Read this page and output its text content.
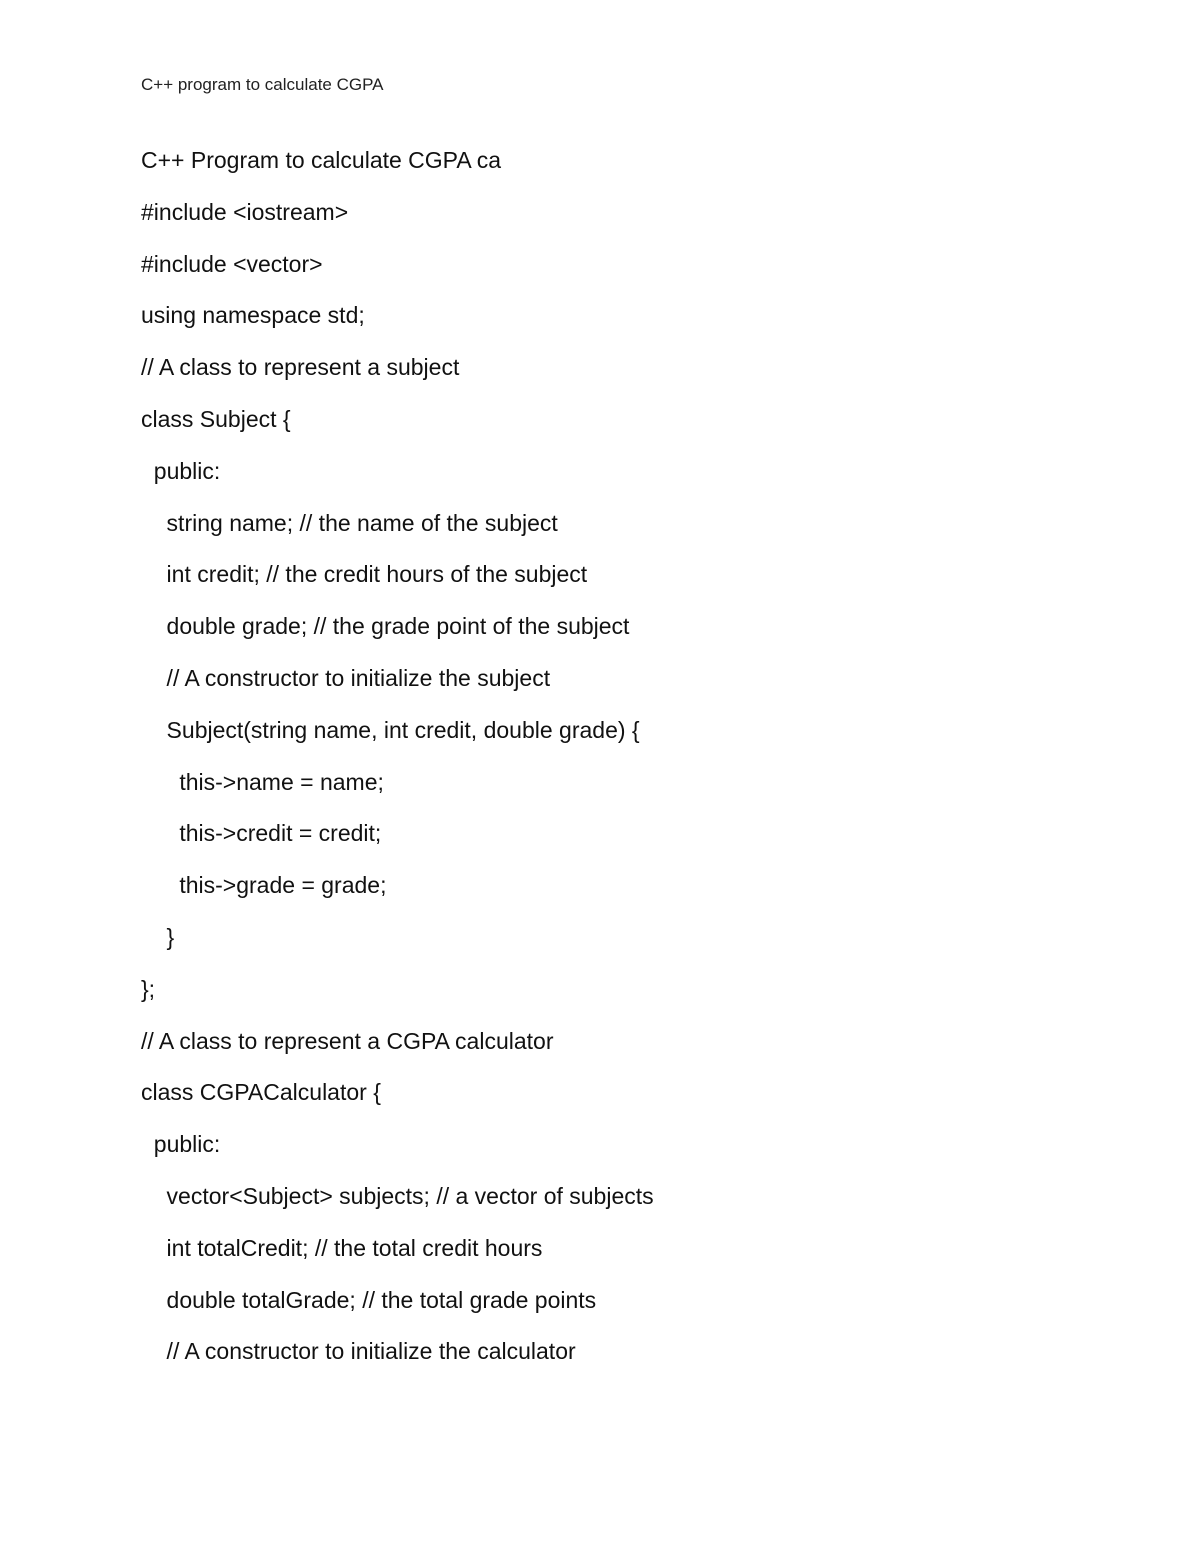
C++ program to calculate CGPA
C++ Program to calculate CGPA ca
#include <iostream>
#include <vector>
using namespace std;
// A class to represent a subject
class Subject {
public:
string name; // the name of the subject
int credit; // the credit hours of the subject
double grade; // the grade point of the subject
// A constructor to initialize the subject
Subject(string name, int credit, double grade) {
this->name = name;
this->credit = credit;
this->grade = grade;
}
};
// A class to represent a CGPA calculator
class CGPACalculator {
public:
vector<Subject> subjects; // a vector of subjects
int totalCredit; // the total credit hours
double totalGrade; // the total grade points
// A constructor to initialize the calculator
